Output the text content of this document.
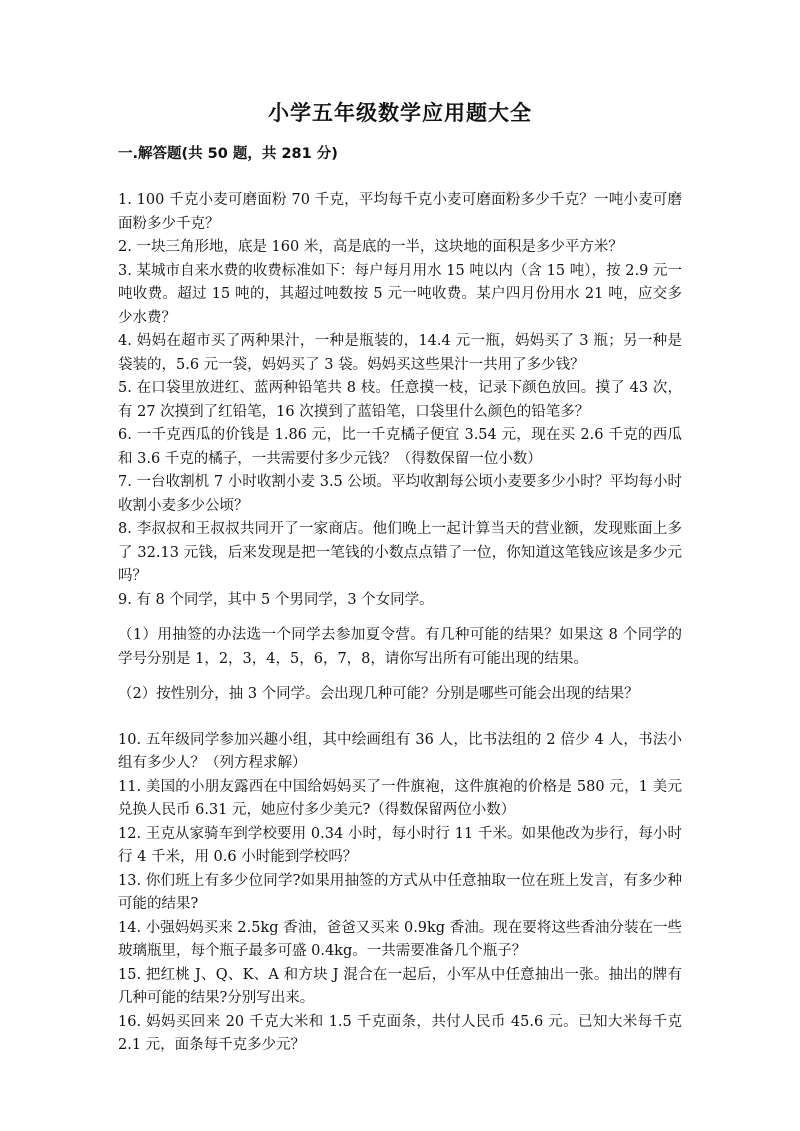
小学五年级数学应用题大全
一.解答题(共 50 题，共 281 分)

1. 100 千克小麦可磨面粉 70 千克，平均每千克小麦可磨面粉多少千克？一吨小麦可磨面粉多少千克？

2. 一块三角形地，底是 160 米，高是底的一半，这块地的面积是多少平方米？

3. 某城市自来水费的收费标准如下：每户每月用水 15 吨以内（含 15 吨），按 2.9 元一吨收费。超过 15 吨的，其超过吨数按 5 元一吨收费。某户四月份用水 21 吨，应交多少水费？

4. 妈妈在超市买了两种果汁，一种是瓶装的，14.4 元一瓶，妈妈买了 3 瓶；另一种是袋装的，5.6 元一袋，妈妈买了 3 袋。妈妈买这些果汁一共用了多少钱？

5. 在口袋里放进红、蓝两种铅笔共 8 枝。任意摸一枝，记录下颜色放回。摸了 43 次，有 27 次摸到了红铅笔，16 次摸到了蓝铅笔，口袋里什么颜色的铅笔多？

6. 一千克西瓜的价钱是 1.86 元，比一千克橘子便宜 3.54 元，现在买 2.6 千克的西瓜和 3.6 千克的橘子，一共需要付多少元钱？（得数保留一位小数）

7. 一台收割机 7 小时收割小麦 3.5 公顷。平均收割每公顷小麦要多少小时？平均每小时收割小麦多少公顷？

8. 李叔叔和王叔叔共同开了一家商店。他们晚上一起计算当天的营业额，发现账面上多了 32.13 元钱，后来发现是把一笔钱的小数点点错了一位，你知道这笔钱应该是多少元吗？

9. 有 8 个同学，其中 5 个男同学，3 个女同学。

（1）用抽签的办法选一个同学去参加夏令营。有几种可能的结果？如果这 8 个同学的学号分别是 1，2，3，4，5，6，7，8，请你写出所有可能出现的结果。

（2）按性别分，抽 3 个同学。会出现几种可能？分别是哪些可能会出现的结果？

10. 五年级同学参加兴趣小组，其中绘画组有 36 人，比书法组的 2 倍少 4 人，书法小组有多少人？（列方程求解）

11. 美国的小朋友露西在中国给妈妈买了一件旗袍，这件旗袍的价格是 580 元，1 美元兑换人民币 6.31 元，她应付多少美元?（得数保留两位小数）

12. 王克从家骑车到学校要用 0.34 小时，每小时行 11 千米。如果他改为步行，每小时行 4 千米，用 0.6 小时能到学校吗？

13. 你们班上有多少位同学?如果用抽签的方式从中任意抽取一位在班上发言，有多少种可能的结果?

14. 小强妈妈买来 2.5kg 香油，爸爸又买来 0.9kg 香油。现在要将这些香油分装在一些玻璃瓶里，每个瓶子最多可盛 0.4kg。一共需要准备几个瓶子？

15. 把红桃 J、Q、K、A 和方块 J 混合在一起后，小军从中任意抽出一张。抽出的牌有几种可能的结果?分别写出来。

16. 妈妈买回来 20 千克大米和 1.5 千克面条，共付人民币 45.6 元。已知大米每千克 2.1 元，面条每千克多少元？
